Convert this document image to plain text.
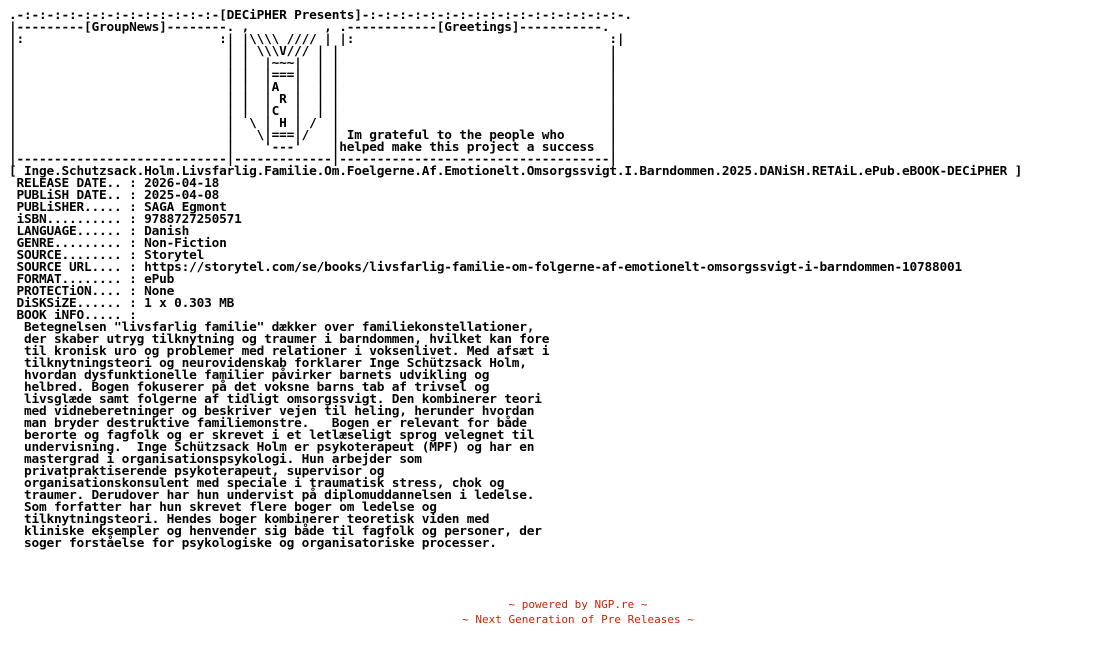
.-:-:-:-:-:-:-:-:-:-:-:-:-:-[DECiPHER Presents]-:-:-:-:-:-:-:-:-:-:-:-:-:-:-:-:-:-.
|---------[GroupNews]--------. ,          , .------------[Greetings]-----------.
|:                          :| |\\\\ //// | |:                                  :|
|                            | | \\\V/// | |                                    |
|                            | |  |~~~|  | |                                    |
|                            | |  |===|  | |                                    |
|                            | |  |A  |  | |                                    |
|                            | |  | R |  | |                                    |
|                            | |  |C  |  | |                                    |
|                            |  \ | H | /  |                                    |
|                            |   \|===|/   | Im grateful to the people who      |
|                            |    '---'    |helped make this project a success  |
|----------------------------|-------------|------------------------------------|
[ Inge.Schutzsack.Holm.Livsfarlig.Familie.Om.Foelgerne.Af.Emotionelt.Omsorgssvigt.I.Barndommen.2025.DANiSH.RETAiL.ePub.eBOOK-DECiPHER ]
RELEASE DATE.. : 2026-04-18
PUBLiSH DATE.. : 2025-04-08
PUBLiSHER..... : SAGA Egmont
iSBN.......... : 9788727250571
LANGUAGE...... : Danish
GENRE......... : Non-Fiction
SOURCE........ : Storytel
SOURCE URL.... : https://storytel.com/se/books/livsfarlig-familie-om-folgerne-af-emotionelt-omsorgssvigt-i-barndommen-10788001
FORMAT........ : ePub
PROTECTiON.... : None
DiSKSiZE...... : 1 x 0.303 MB
BOOK iNFO..... :
Betegnelsen "livsfarlig familie" dækker over familiekonstellationer,
der skaber utryg tilknytning og traumer i barndommen, hvilket kan fore
til kronisk uro og problemer med relationer i voksenlivet. Med afsæt i
tilknytningsteori og neurovidenskab forklarer Inge Schützsack Holm,
hvordan dysfunktionelle familier påvirker barnets udvikling og
helbred. Bogen fokuserer på det voksne barns tab af trivsel og
livsglæde samt folgerne af tidligt omsorgssvigt. Den kombinerer teori
med vidneberetninger og beskriver vejen til heling, herunder hvordan
man bryder destruktive familiemonstre.   Bogen er relevant for både
berorte og fagfolk og er skrevet i et letlæseligt sprog velegnet til
undervisning.  Inge Schützsack Holm er psykoterapeut (MPF) og har en
mastergrad i organisationspsykologi. Hun arbejder som
privatpraktiserende psykoterapeut, supervisor og
organisationskonsulent med speciale i traumatisk stress, chok og
traumer. Derudover har hun undervist på diplomuddannelsen i ledelse.
Som forfatter har hun skrevet flere boger om ledelse og
tilknytningsteori. Hendes boger kombinerer teoretisk viden med
kliniske eksempler og henvender sig både til fagfolk og personer, der
soger forståelse for psykologiske og organisatoriske processer.
~ powered by NGP.re ~
~ Next Generation of Pre Releases ~
